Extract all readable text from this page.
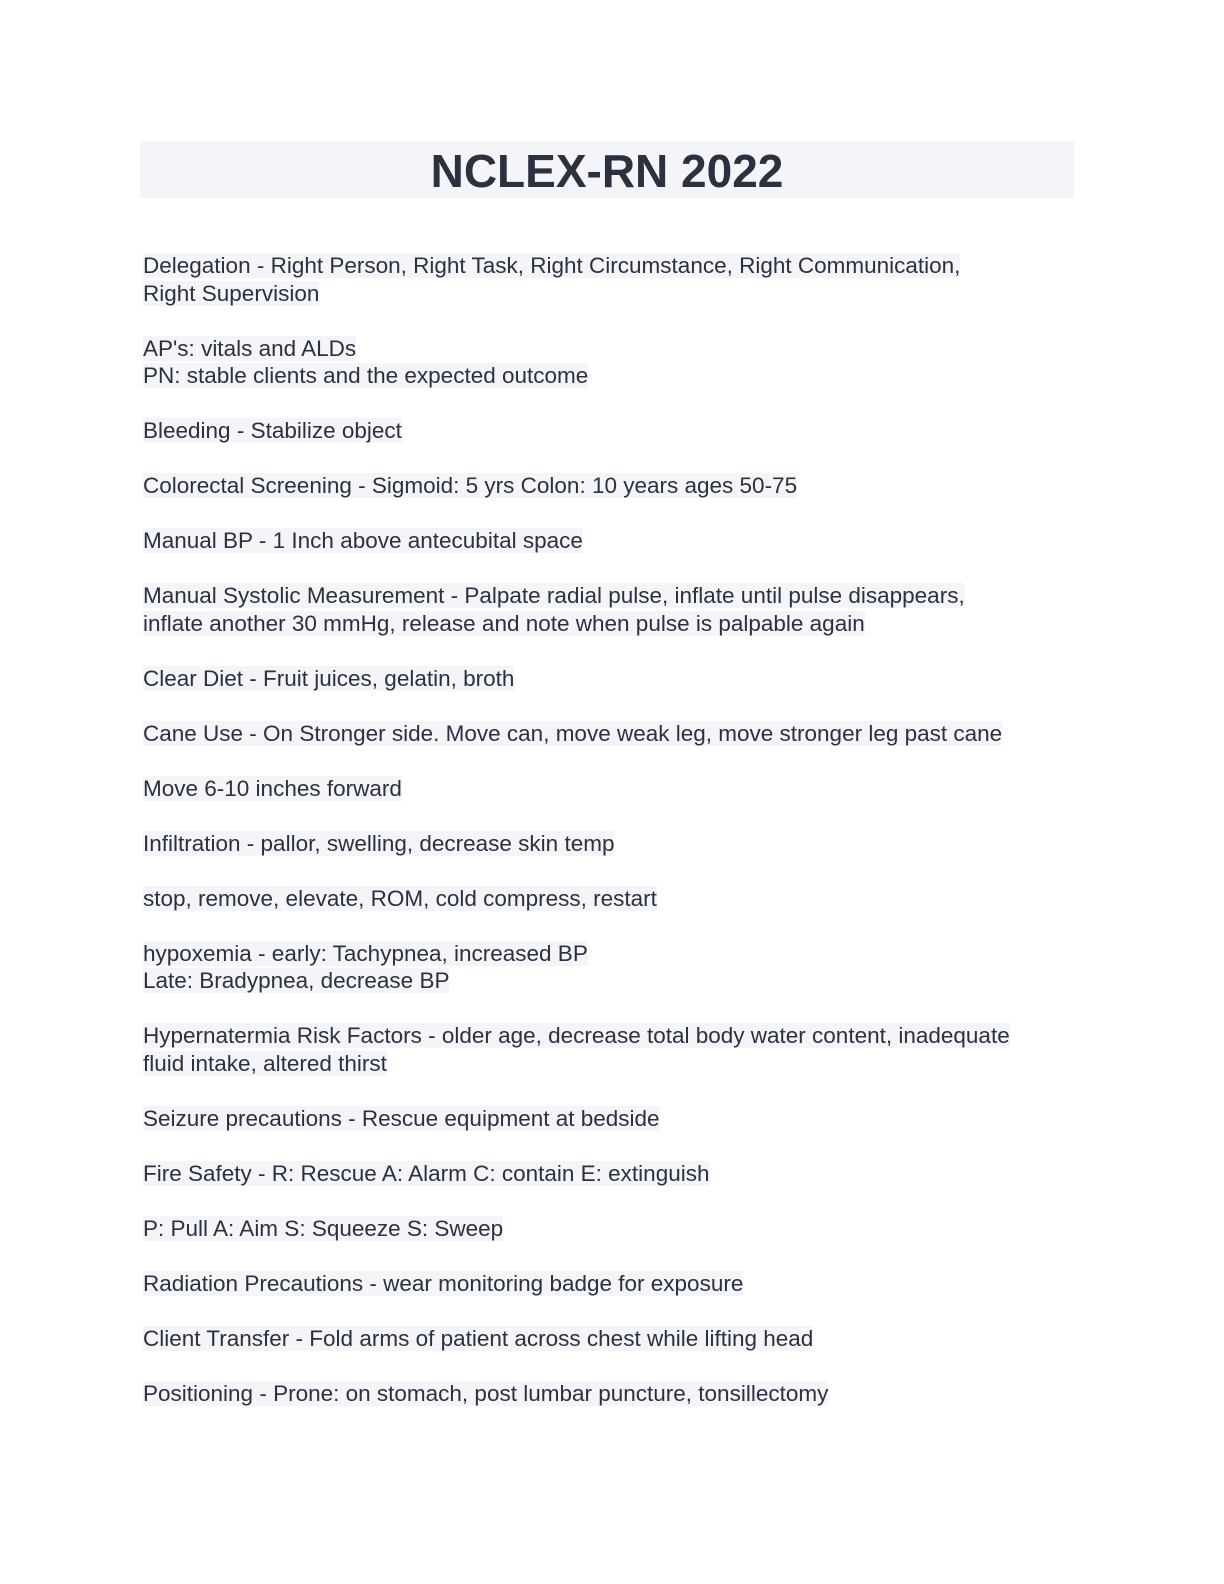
NCLEX-RN 2022
Delegation - Right Person, Right Task, Right Circumstance, Right Communication,
Right Supervision
AP's: vitals and ALDs
PN: stable clients and the expected outcome
Bleeding - Stabilize object
Colorectal Screening - Sigmoid: 5 yrs Colon: 10 years ages 50-75
Manual BP - 1 Inch above antecubital space
Manual Systolic Measurement - Palpate radial pulse, inflate until pulse disappears,
inflate another 30 mmHg, release and note when pulse is palpable again
Clear Diet - Fruit juices, gelatin, broth
Cane Use - On Stronger side. Move can, move weak leg, move stronger leg past cane
Move 6-10 inches forward
Infiltration - pallor, swelling, decrease skin temp
stop, remove, elevate, ROM, cold compress, restart
hypoxemia - early: Tachypnea, increased BP
Late: Bradypnea, decrease BP
Hypernatermia Risk Factors - older age, decrease total body water content, inadequate
fluid intake, altered thirst
Seizure precautions - Rescue equipment at bedside
Fire Safety - R: Rescue A: Alarm C: contain E: extinguish
P: Pull A: Aim S: Squeeze S: Sweep
Radiation Precautions - wear monitoring badge for exposure
Client Transfer - Fold arms of patient across chest while lifting head
Positioning - Prone: on stomach, post lumbar puncture, tonsillectomy
